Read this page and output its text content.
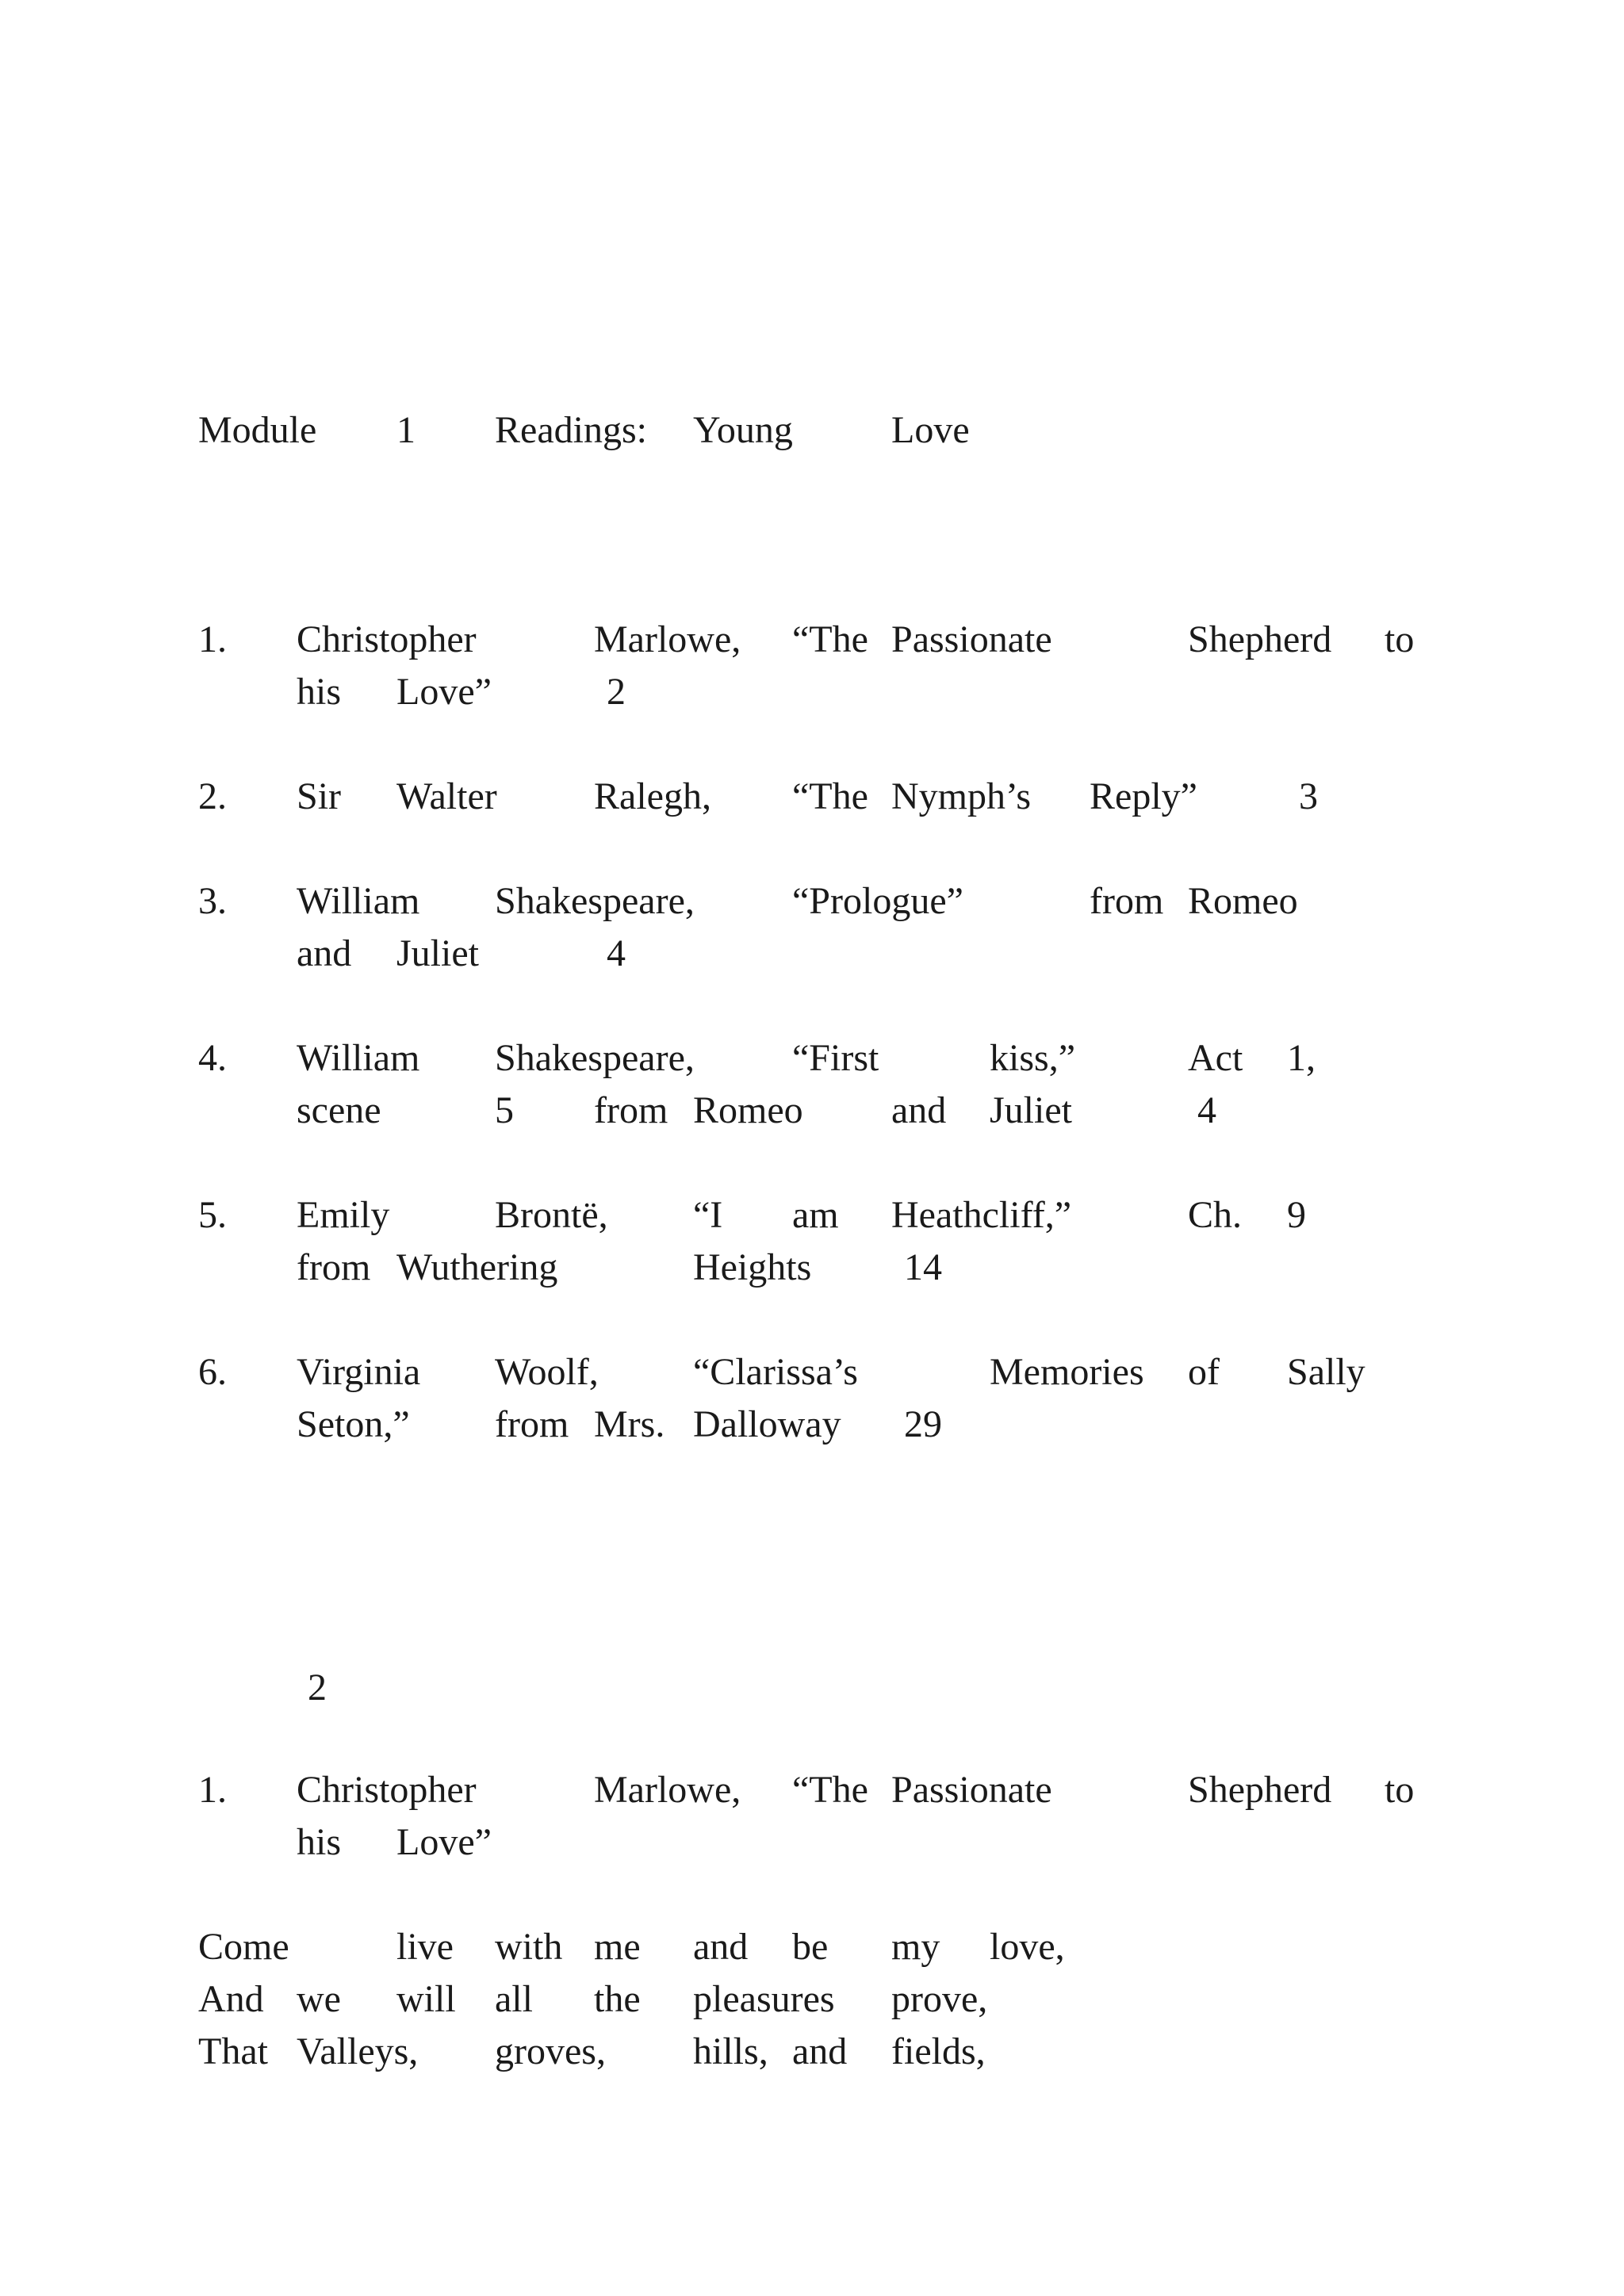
Module 1 Readings: Young	Love
1. Christopher	Marlowe, “The Passionate	Shepherd to
his Love”	2
2. Sir Walter	Ralegh, “The Nymph’s Reply”	3
3. William Shakespeare,	“Prologue”	from Romeo
and Juliet	4
4. William Shakespeare,	“First	kiss,”	Act 1,
scene	5 from Romeo and Juliet	4
5. Emily	Brontë, “I am Heathcliff,”	Ch. 9
from Wuthering	Heights 14
6. Virginia Woolf, “Clarissa’s	Memories of Sally
Seton,” from Mrs. Dalloway 29
2
1. Christopher	Marlowe, “The Passionate	Shepherd to
his Love”
Come	live with me and be my love,
And we will all the pleasures prove,
That Valleys, groves, hills, and fields,
